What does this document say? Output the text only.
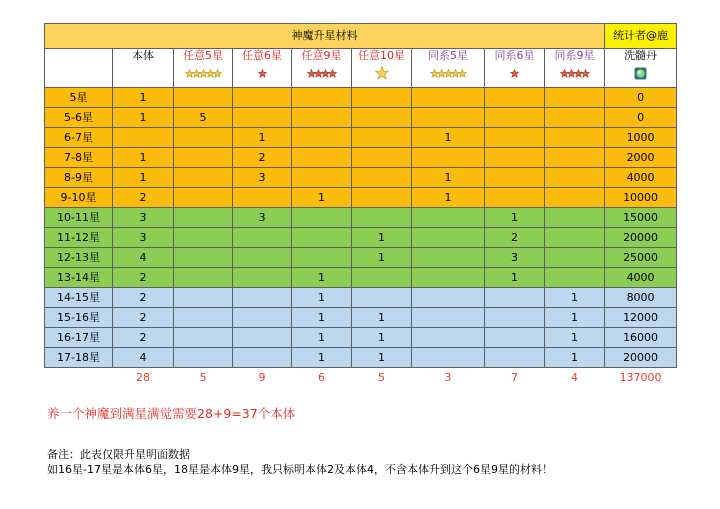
神魔升星材料									统计者@鹿
	本体	任意5星	任意6星	任意9星	任意10星	同系5星	同系6星	同系9星	洗髓丹

5星	1								0
5-6星	1	5							0
6-7星			1			1			1000
7-8星	1		2						2000
8-9星	1		3			1			4000
9-10星	2			1		1			10000
10-11星	3		3				1		15000
11-12星	3				1		2		20000
12-13星	4				1		3		25000
13-14星	2			1			1		4000
14-15星	2			1				1	8000
15-16星	2			1	1			1	12000
16-17星	2			1	1			1	16000
17-18星	4			1	1			1	20000
	28	5	9	6	5	3	7	4	137000
养一个神魔到满星满觉需要28+9=37个本体
备注：此表仅限升星明面数据
如16星-17星是本体6星，18星是本体9星，我只标明本体2及本体4，不含本体升到这个6星9星的材料！
